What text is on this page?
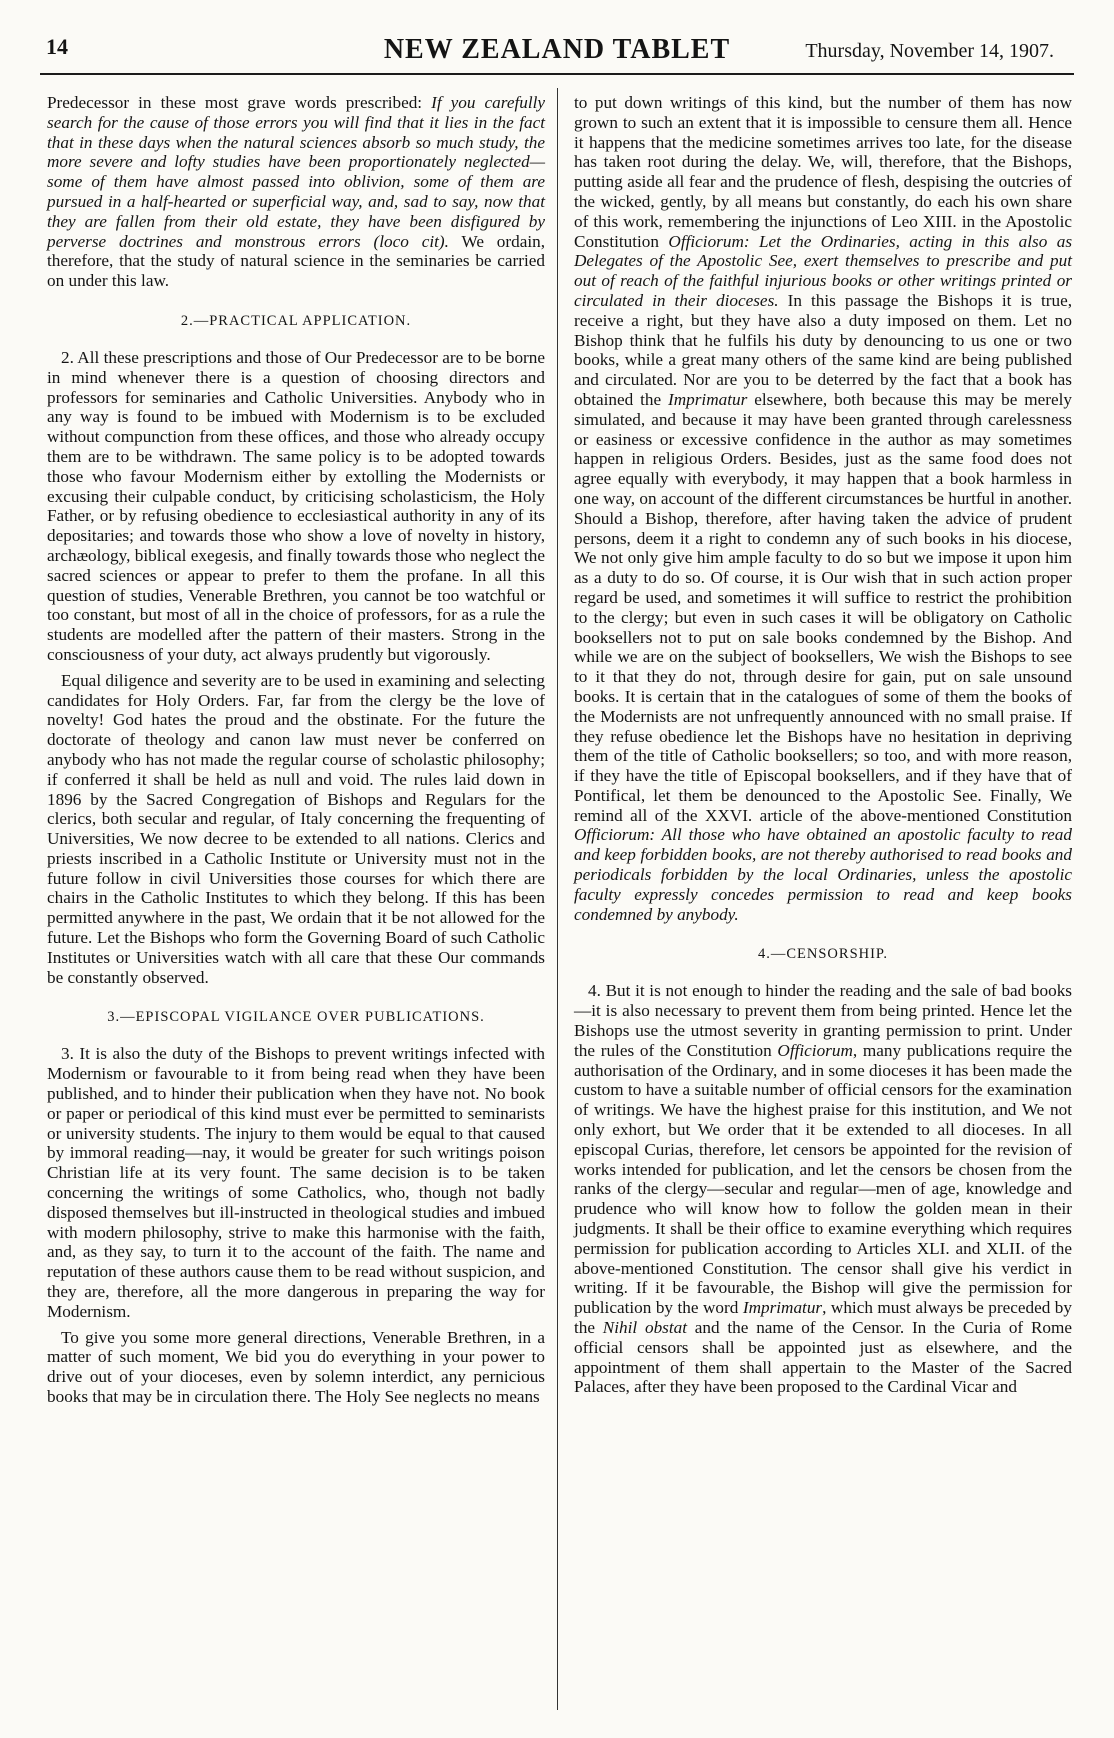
14	NEW ZEALAND TABLET	Thursday, November 14, 1907.

Predecessor in these most grave words prescribed: If you carefully search for the cause of those errors you will find that it lies in the fact that in these days when the natural sciences absorb so much study, the more severe and lofty studies have been proportionately neglected—some of them have almost passed into oblivion, some of them are pursued in a half-hearted or superficial way, and, sad to say, now that they are fallen from their old estate, they have been disfigured by perverse doctrines and monstrous errors (loco cit). We ordain, therefore, that the study of natural science in the seminaries be carried on under this law.

2.—PRACTICAL APPLICATION.

2. All these prescriptions and those of Our Predecessor are to be borne in mind whenever there is a question of choosing directors and professors for seminaries and Catholic Universities. Anybody who in any way is found to be imbued with Modernism is to be excluded without compunction from these offices, and those who already occupy them are to be withdrawn. The same policy is to be adopted towards those who favour Modernism either by extolling the Modernists or excusing their culpable conduct, by criticising scholasticism, the Holy Father, or by refusing obedience to ecclesiastical authority in any of its depositaries; and towards those who show a love of novelty in history, archæology, biblical exegesis, and finally towards those who neglect the sacred sciences or appear to prefer to them the profane. In all this question of studies, Venerable Brethren, you cannot be too watchful or too constant, but most of all in the choice of professors, for as a rule the students are modelled after the pattern of their masters. Strong in the consciousness of your duty, act always prudently but vigorously.

Equal diligence and severity are to be used in examining and selecting candidates for Holy Orders. Far, far from the clergy be the love of novelty! God hates the proud and the obstinate. For the future the doctorate of theology and canon law must never be conferred on anybody who has not made the regular course of scholastic philosophy; if conferred it shall be held as null and void. The rules laid down in 1896 by the Sacred Congregation of Bishops and Regulars for the clerics, both secular and regular, of Italy concerning the frequenting of Universities, We now decree to be extended to all nations. Clerics and priests inscribed in a Catholic Institute or University must not in the future follow in civil Universities those courses for which there are chairs in the Catholic Institutes to which they belong. If this has been permitted anywhere in the past, We ordain that it be not allowed for the future. Let the Bishops who form the Governing Board of such Catholic Institutes or Universities watch with all care that these Our commands be constantly observed.

3.—EPISCOPAL VIGILANCE OVER PUBLICATIONS.

3. It is also the duty of the Bishops to prevent writings infected with Modernism or favourable to it from being read when they have been published, and to hinder their publication when they have not. No book or paper or periodical of this kind must ever be permitted to seminarists or university students. The injury to them would be equal to that caused by immoral reading—nay, it would be greater for such writings poison Christian life at its very fount. The same decision is to be taken concerning the writings of some Catholics, who, though not badly disposed themselves but ill-instructed in theological studies and imbued with modern philosophy, strive to make this harmonise with the faith, and, as they say, to turn it to the account of the faith. The name and reputation of these authors cause them to be read without suspicion, and they are, therefore, all the more dangerous in preparing the way for Modernism.

To give you some more general directions, Venerable Brethren, in a matter of such moment, We bid you do everything in your power to drive out of your dioceses, even by solemn interdict, any pernicious books that may be in circulation there. The Holy See neglects no means

to put down writings of this kind, but the number of them has now grown to such an extent that it is impossible to censure them all. Hence it happens that the medicine sometimes arrives too late, for the disease has taken root during the delay. We, will, therefore, that the Bishops, putting aside all fear and the prudence of flesh, despising the outcries of the wicked, gently, by all means but constantly, do each his own share of this work, remembering the injunctions of Leo XIII. in the Apostolic Constitution Officiorum: Let the Ordinaries, acting in this also as Delegates of the Apostolic See, exert themselves to prescribe and put out of reach of the faithful injurious books or other writings printed or circulated in their dioceses. In this passage the Bishops it is true, receive a right, but they have also a duty imposed on them. Let no Bishop think that he fulfils his duty by denouncing to us one or two books, while a great many others of the same kind are being published and circulated. Nor are you to be deterred by the fact that a book has obtained the Imprimatur elsewhere, both because this may be merely simulated, and because it may have been granted through carelessness or easiness or excessive confidence in the author as may sometimes happen in religious Orders. Besides, just as the same food does not agree equally with everybody, it may happen that a book harmless in one way, on account of the different circumstances be hurtful in another. Should a Bishop, therefore, after having taken the advice of prudent persons, deem it a right to condemn any of such books in his diocese, We not only give him ample faculty to do so but we impose it upon him as a duty to do so. Of course, it is Our wish that in such action proper regard be used, and sometimes it will suffice to restrict the prohibition to the clergy; but even in such cases it will be obligatory on Catholic booksellers not to put on sale books condemned by the Bishop. And while we are on the subject of booksellers, We wish the Bishops to see to it that they do not, through desire for gain, put on sale unsound books. It is certain that in the catalogues of some of them the books of the Modernists are not unfrequently announced with no small praise. If they refuse obedience let the Bishops have no hesitation in depriving them of the title of Catholic booksellers; so too, and with more reason, if they have the title of Episcopal booksellers, and if they have that of Pontifical, let them be denounced to the Apostolic See. Finally, We remind all of the XXVI. article of the above-mentioned Constitution Officiorum: All those who have obtained an apostolic faculty to read and keep forbidden books, are not thereby authorised to read books and periodicals forbidden by the local Ordinaries, unless the apostolic faculty expressly concedes permission to read and keep books condemned by anybody.

4.—CENSORSHIP.

4. But it is not enough to hinder the reading and the sale of bad books—it is also necessary to prevent them from being printed. Hence let the Bishops use the utmost severity in granting permission to print. Under the rules of the Constitution Officiorum, many publications require the authorisation of the Ordinary, and in some dioceses it has been made the custom to have a suitable number of official censors for the examination of writings. We have the highest praise for this institution, and We not only exhort, but We order that it be extended to all dioceses. In all episcopal Curias, therefore, let censors be appointed for the revision of works intended for publication, and let the censors be chosen from the ranks of the clergy—secular and regular—men of age, knowledge and prudence who will know how to follow the golden mean in their judgments. It shall be their office to examine everything which requires permission for publication according to Articles XLI. and XLII. of the above-mentioned Constitution. The censor shall give his verdict in writing. If it be favourable, the Bishop will give the permission for publication by the word Imprimatur, which must always be preceded by the Nihil obstat and the name of the Censor. In the Curia of Rome official censors shall be appointed just as elsewhere, and the appointment of them shall appertain to the Master of the Sacred Palaces, after they have been proposed to the Cardinal Vicar and
